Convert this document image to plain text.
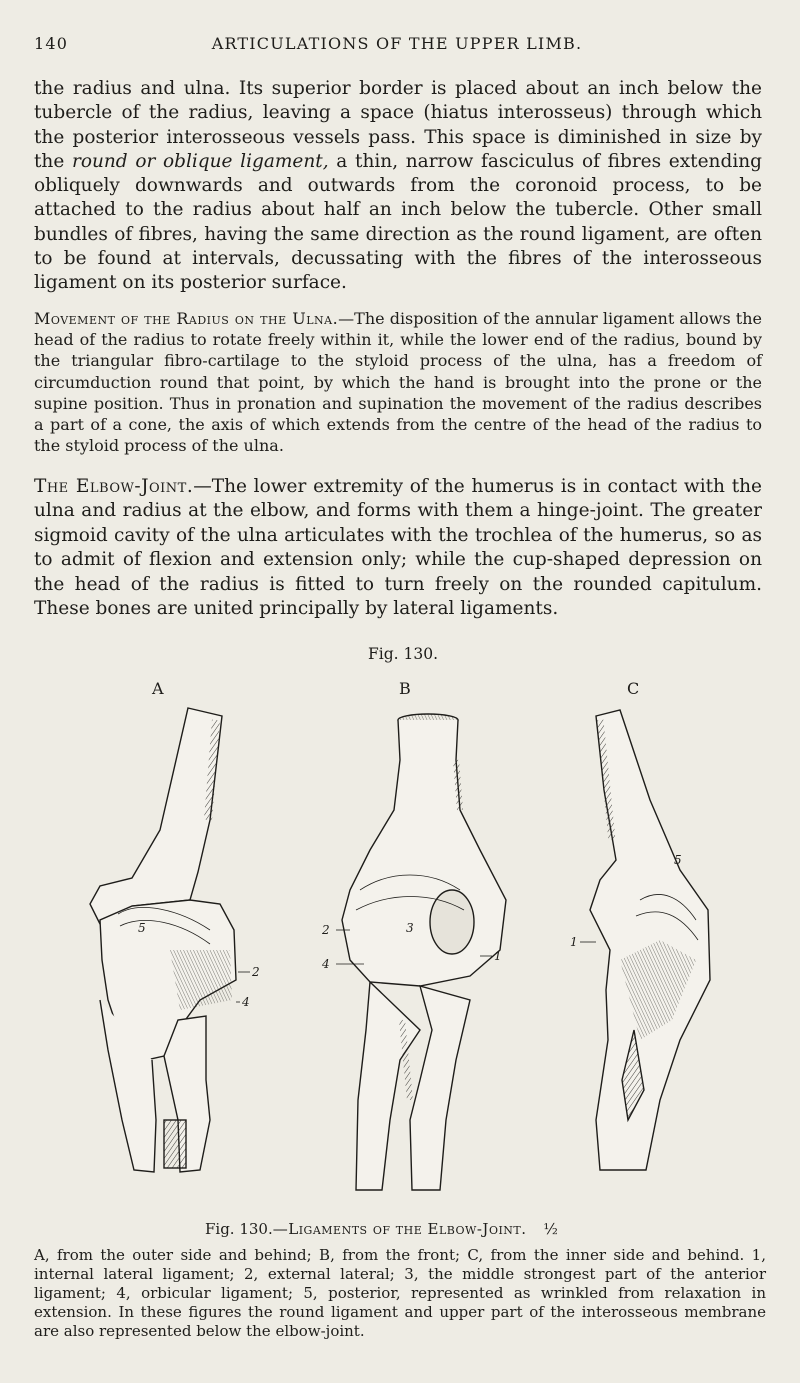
140	ARTICULATIONS OF THE UPPER LIMB.

the radius and ulna. Its superior border is placed about an inch below the tubercle of the radius, leaving a space (hiatus interosseus) through which the posterior interosseous vessels pass. This space is diminished in size by the round or oblique ligament, a thin, narrow fasciculus of fibres extending obliquely downwards and outwards from the coronoid process, to be attached to the radius about half an inch below the tubercle. Other small bundles of fibres, having the same direction as the round ligament, are often to be found at intervals, decussating with the fibres of the interosseous ligament on its posterior surface.

Movement of the Radius on the Ulna.—The disposition of the annular ligament allows the head of the radius to rotate freely within it, while the lower end of the radius, bound by the triangular fibro-cartilage to the styloid process of the ulna, has a freedom of circumduction round that point, by which the hand is brought into the prone or the supine position. Thus in pronation and supination the movement of the radius describes a part of a cone, the axis of which extends from the centre of the head of the radius to the styloid process of the ulna.

The Elbow-Joint.—The lower extremity of the humerus is in contact with the ulna and radius at the elbow, and forms with them a hinge-joint. The greater sigmoid cavity of the ulna articulates with the trochlea of the humerus, so as to admit of flexion and extension only; while the cup-shaped depression on the head of the radius is fitted to turn freely on the rounded capitulum. These bones are united principally by lateral ligaments.

Fig. 130.
A	B	C
5
2
4
3
2
4
1
5
1
Fig. 130.—Ligaments of the Elbow-Joint. ½

A, from the outer side and behind; B, from the front; C, from the inner side and behind. 1, internal lateral ligament; 2, external lateral; 3, the middle strongest part of the anterior ligament; 4, orbicular ligament; 5, posterior, represented as wrinkled from relaxation in extension. In these figures the round ligament and upper part of the interosseous membrane are also represented below the elbow-joint.
